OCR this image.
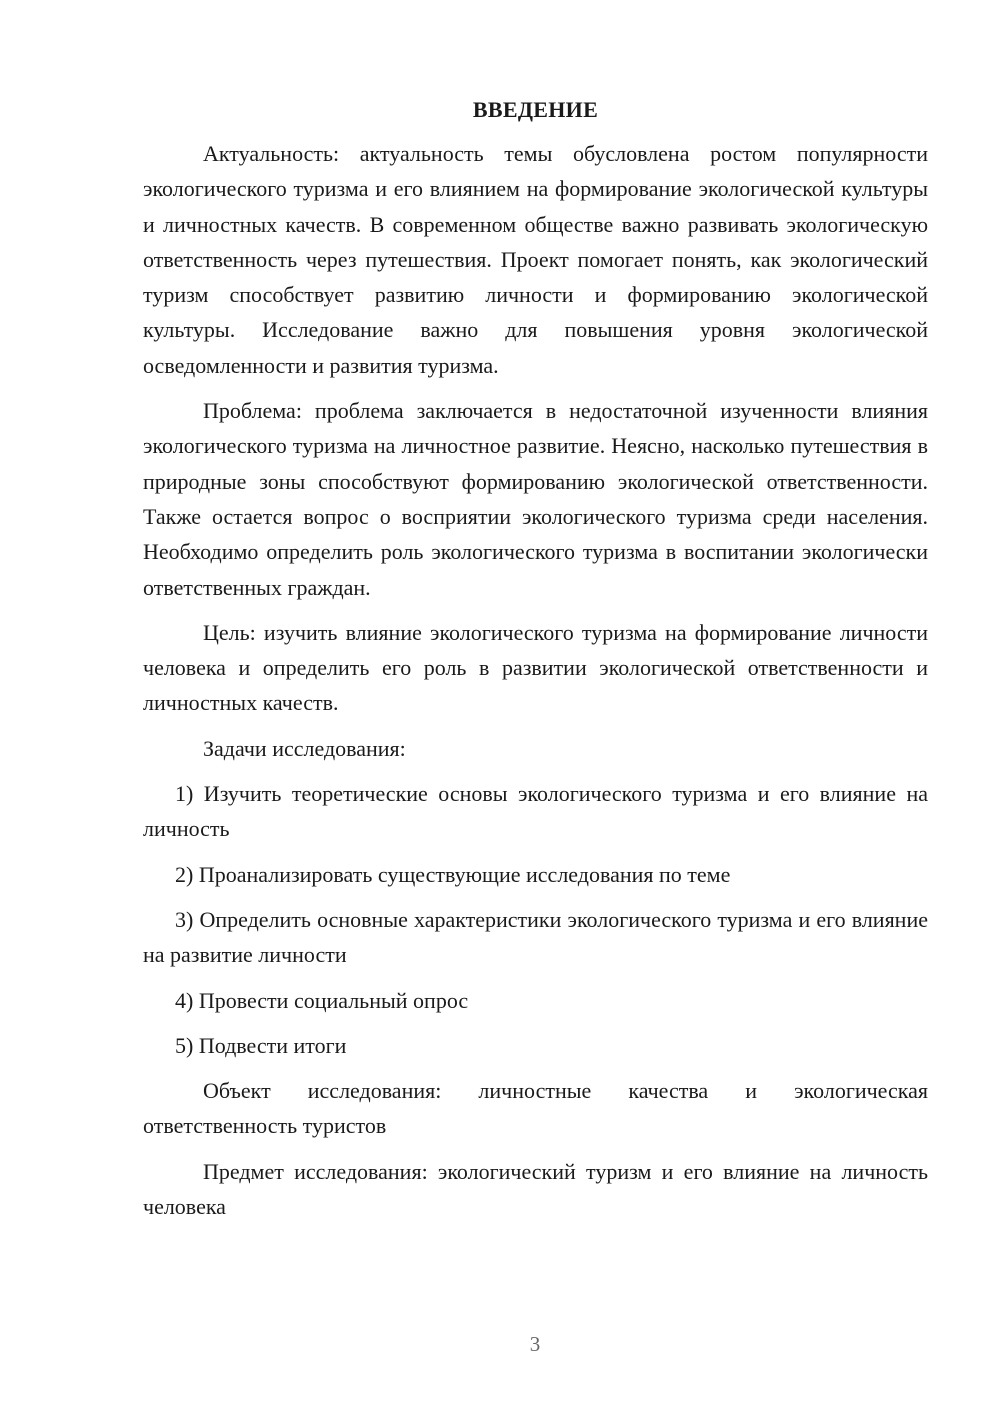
ВВЕДЕНИЕ

Актуальность: актуальность темы обусловлена ростом популярности экологического туризма и его влиянием на формирование экологической культуры и личностных качеств. В современном обществе важно развивать экологическую ответственность через путешествия. Проект помогает понять, как экологический туризм способствует развитию личности и формированию экологической культуры. Исследование важно для повышения уровня экологической осведомленности и развития туризма.

Проблема: проблема заключается в недостаточной изученности влияния экологического туризма на личностное развитие. Неясно, насколько путешествия в природные зоны способствуют формированию экологической ответственности. Также остается вопрос о восприятии экологического туризма среди населения. Необходимо определить роль экологического туризма в воспитании экологически ответственных граждан.

Цель: изучить влияние экологического туризма на формирование личности человека и определить его роль в развитии экологической ответственности и личностных качеств.

Задачи исследования:

1) Изучить теоретические основы экологического туризма и его влияние на личность

2) Проанализировать существующие исследования по теме

3) Определить основные характеристики экологического туризма и его влияние на развитие личности

4) Провести социальный опрос

5) Подвести итоги

Объект исследования: личностные качества и экологическая ответственность туристов

Предмет исследования: экологический туризм и его влияние на личность человека

3
